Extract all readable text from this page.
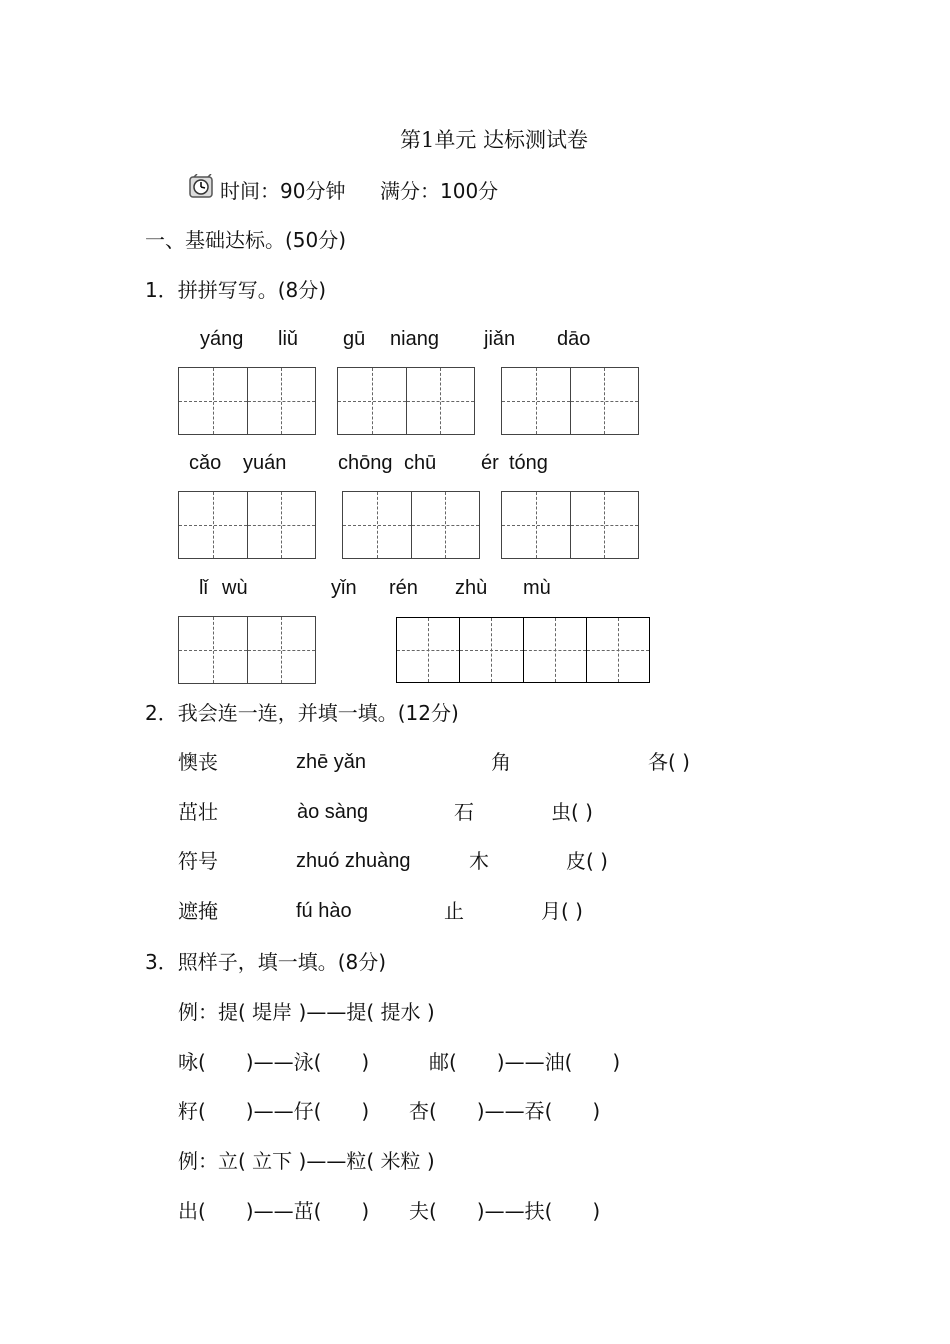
第1单元 达标测试卷
时间：90分钟 满分：100分
一、基础达标。(50分)
1．拼拼写写。(8分)
yáng liǔ gū niang jiǎn dāo
cǎo yuán	chōng chū ér tóng
lǐ wù	yǐn rén zhù mù
2．我会连一连，并填一填。(12分)
懊丧	zhē yǎn	角	各( )
茁壮	ào sàng	石	虫( )
符号	zhuó zhuàng	木	皮( )
遮掩	fú hào	止	月( )
3．照样子，填一填。(8分)
例：提( 堤岸 )——提( 提水 )
咏(　　)——泳(　　)	邮(　　)——油(　　)
籽(　　)——仔(　　) 杏(　　)——吞(　　)
例：立( 立下 )——粒( 米粒 )
出(　　)——茁(　　) 夫(　　)——扶(　　)
